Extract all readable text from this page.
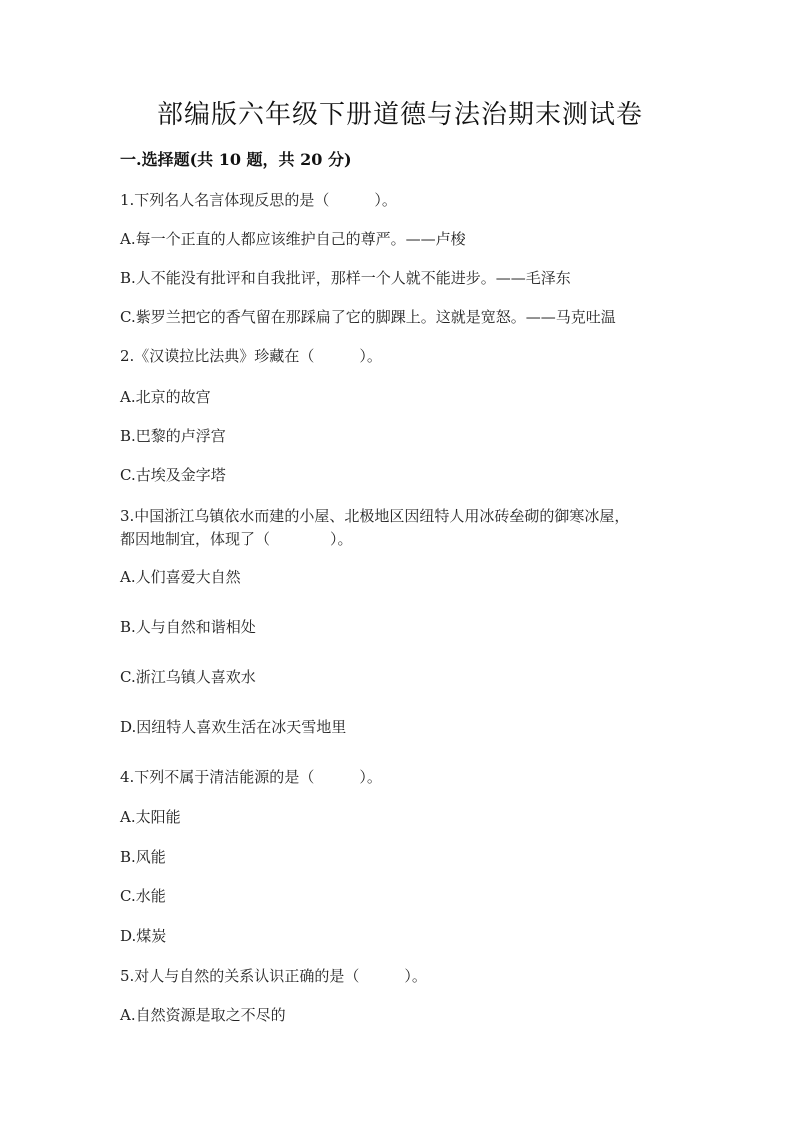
部编版六年级下册道德与法治期末测试卷
一.选择题(共 10 题，共 20 分)
1.下列名人名言体现反思的是（　　　）。
A.每一个正直的人都应该维护自己的尊严。——卢梭
B.人不能没有批评和自我批评，那样一个人就不能进步。——毛泽东
C.紫罗兰把它的香气留在那踩扁了它的脚踝上。这就是宽怒。——马克吐温
2.《汉谟拉比法典》珍藏在（　　　）。
A.北京的故宫
B.巴黎的卢浮宫
C.古埃及金字塔
3.中国浙江乌镇依水而建的小屋、北极地区因纽特人用冰砖垒砌的御寒冰屋，
都因地制宜，体现了（　　　　）。
A.人们喜爱大自然
B.人与自然和谐相处
C.浙江乌镇人喜欢水
D.因纽特人喜欢生活在冰天雪地里
4.下列不属于清洁能源的是（　　　）。
A.太阳能
B.风能
C.水能
D.煤炭
5.对人与自然的关系认识正确的是（　　　）。
A.自然资源是取之不尽的
